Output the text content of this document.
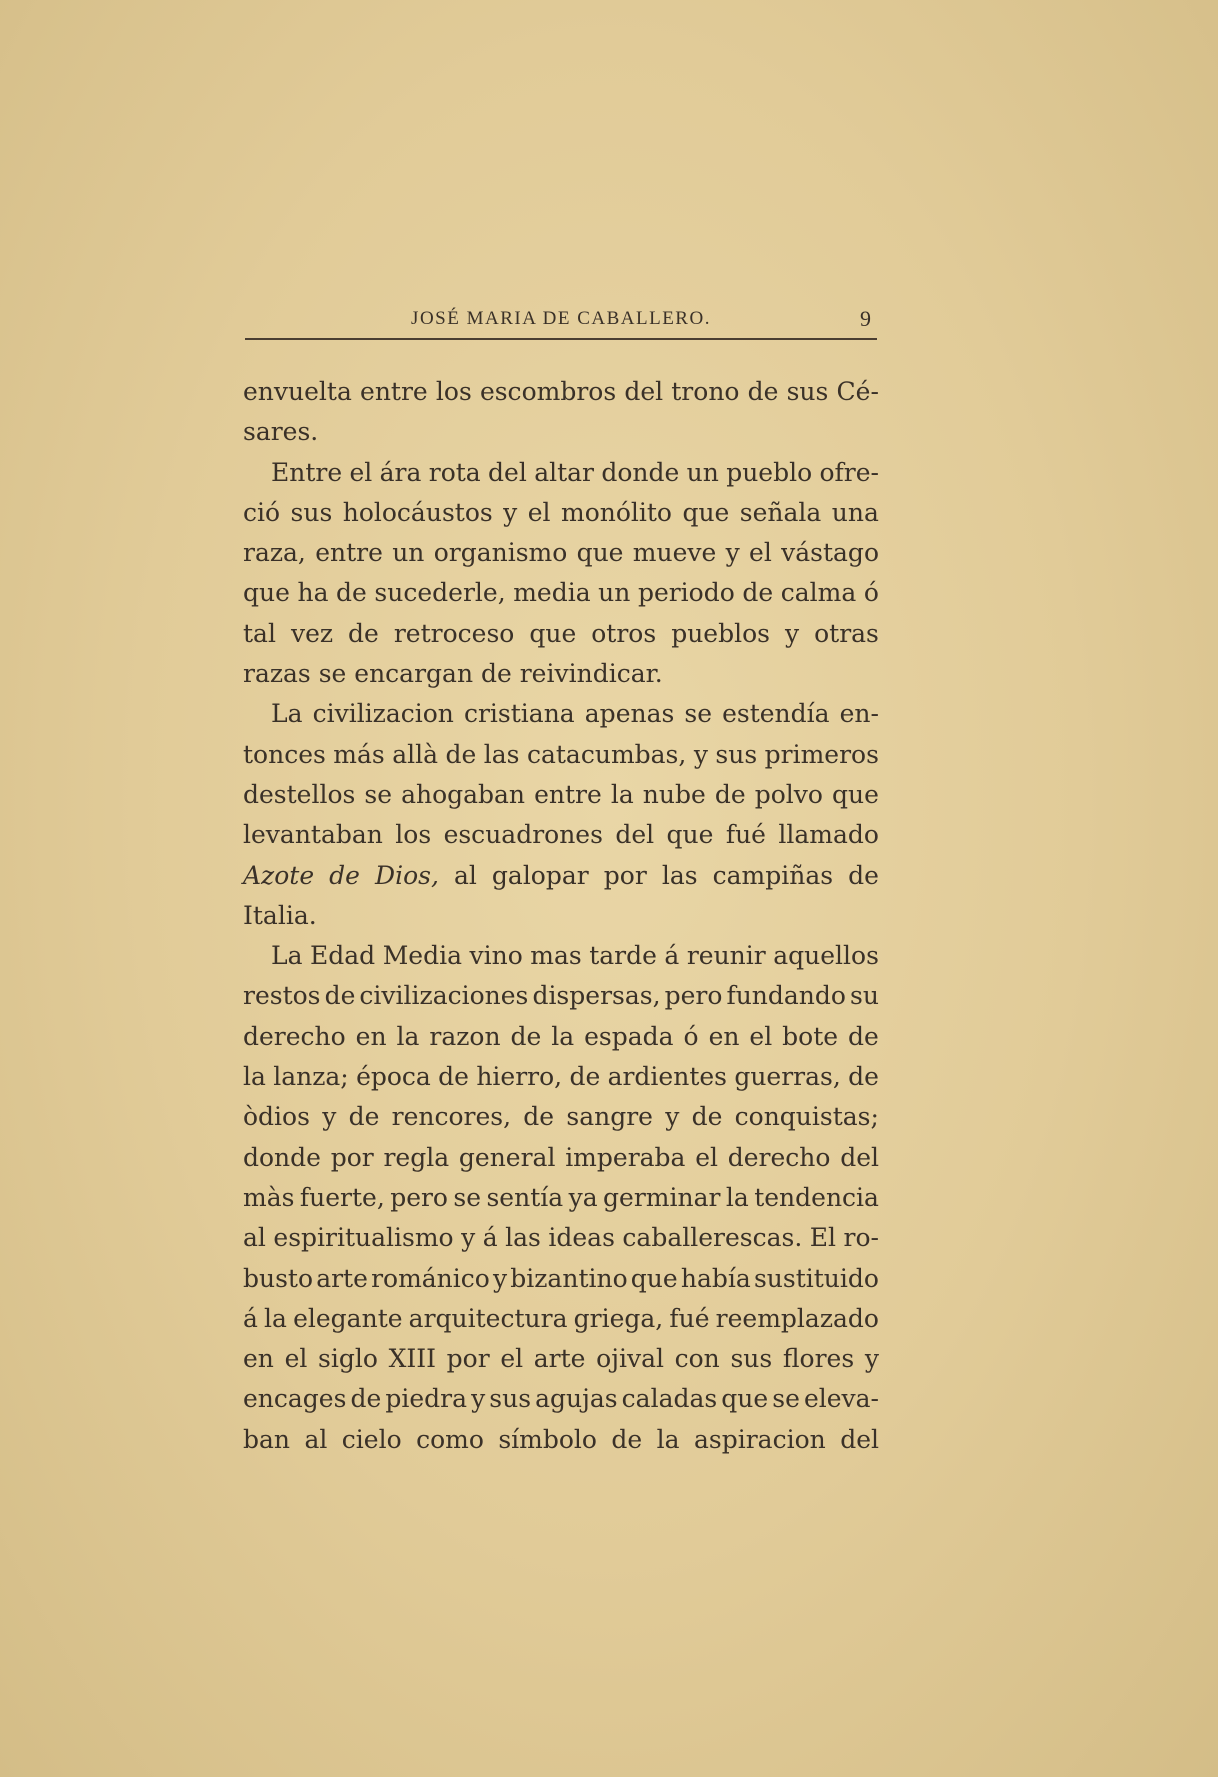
JOSÉ MARIA DE CABALLERO.	9
envuelta entre los escombros del trono de sus Cé-
sares.
Entre el ára rota del altar donde un pueblo ofre-
ció sus holocáustos y el monólito que señala una
raza, entre un organismo que mueve y el vástago
que ha de sucederle, media un periodo de calma ó
tal vez de retroceso que otros pueblos y otras
razas se encargan de reivindicar.
La civilizacion cristiana apenas se estendía en-
tonces más allà de las catacumbas, y sus primeros
destellos se ahogaban entre la nube de polvo que
levantaban los escuadrones del que fué llamado
Azote de Dios, al galopar por las campiñas de
Italia.
La Edad Media vino mas tarde á reunir aquellos
restos de civilizaciones dispersas, pero fundando su
derecho en la razon de la espada ó en el bote de
la lanza; época de hierro, de ardientes guerras, de
òdios y de rencores, de sangre y de conquistas;
donde por regla general imperaba el derecho del
màs fuerte, pero se sentía ya germinar la tendencia
al espiritualismo y á las ideas caballerescas. El ro-
busto arte románico y bizantino que había sustituido
á la elegante arquitectura griega, fué reemplazado
en el siglo XIII por el arte ojival con sus flores y
encages de piedra y sus agujas caladas que se eleva-
ban al cielo como símbolo de la aspiracion del
